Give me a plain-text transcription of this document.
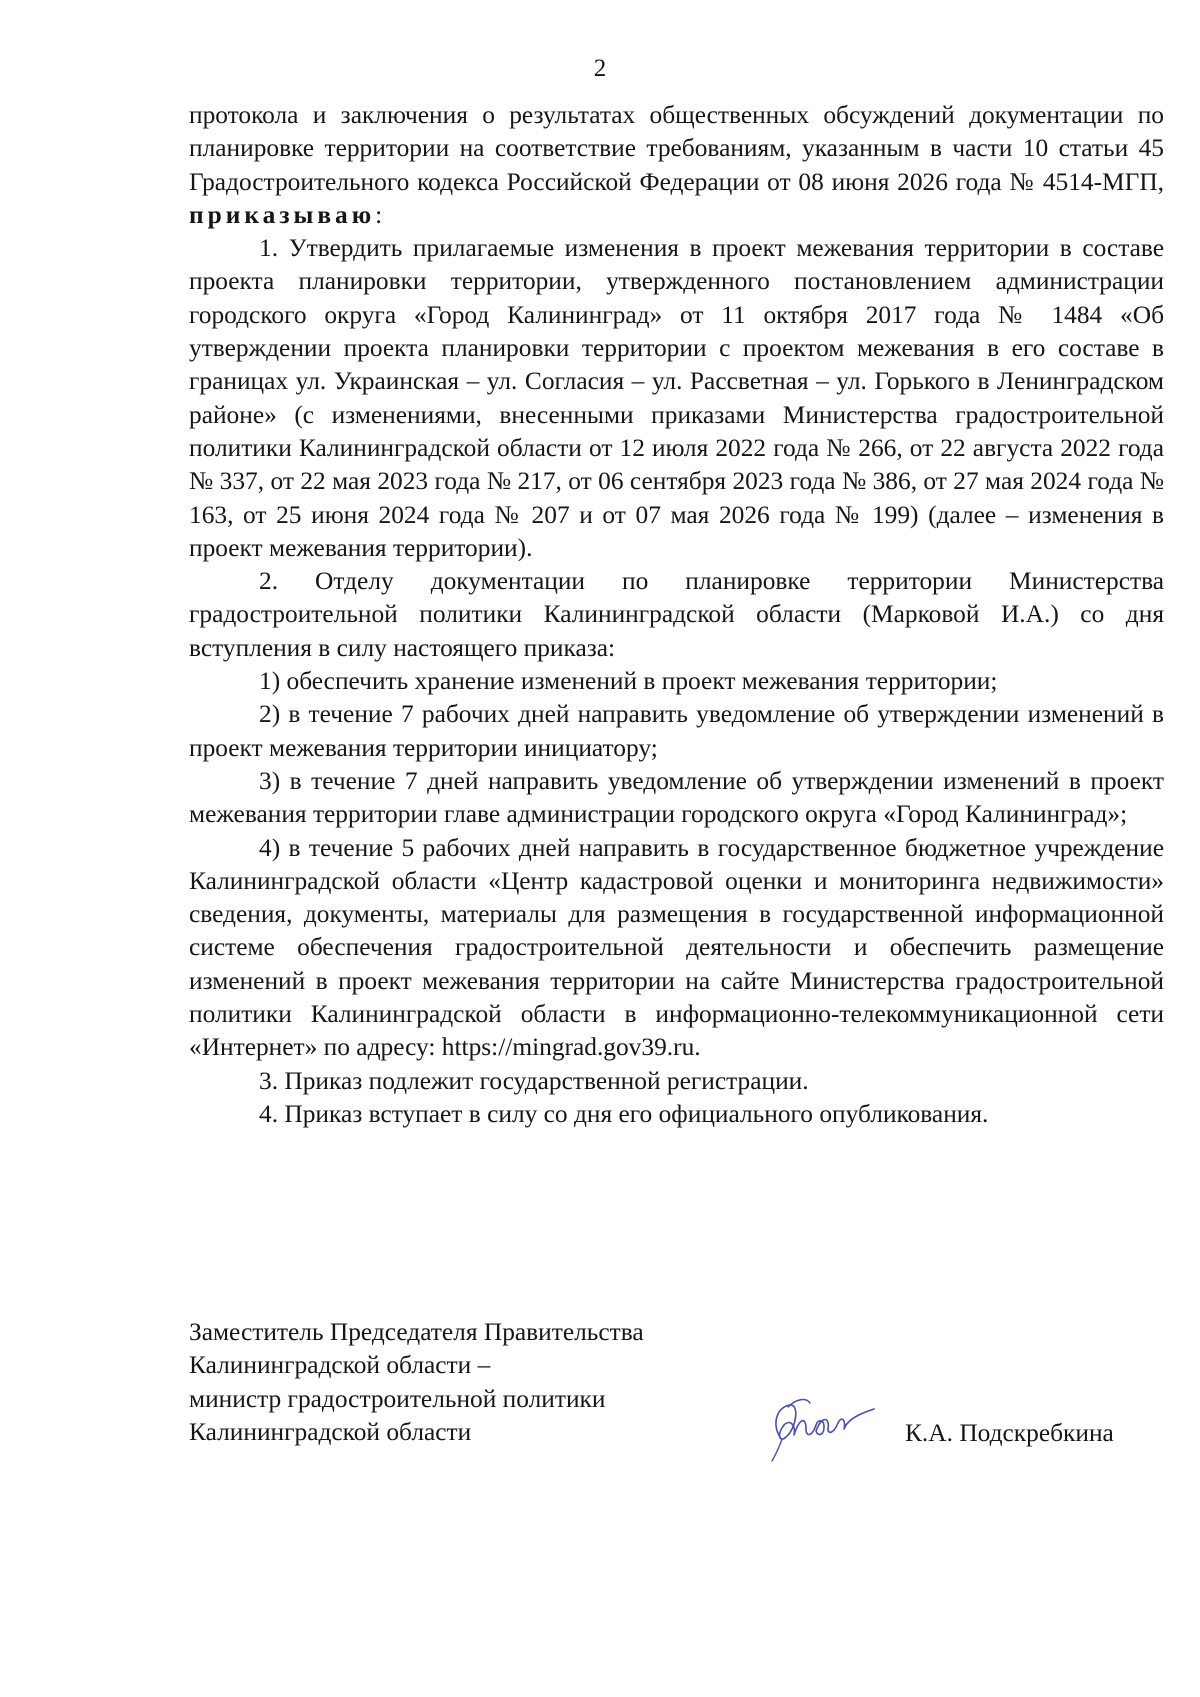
2

протокола и заключения о результатах общественных обсуждений документации по планировке территории на соответствие требованиям, указанным в части 10 статьи 45 Градостроительного кодекса Российской Федерации от 08 июня 2026 года № 4514-МГП, приказываю:

1. Утвердить прилагаемые изменения в проект межевания территории в составе проекта планировки территории, утвержденного постановлением администрации городского округа «Город Калининград» от 11 октября 2017 года № 1484 «Об утверждении проекта планировки территории с проектом межевания в его составе в границах ул. Украинская – ул. Согласия – ул. Рассветная – ул. Горького в Ленинградском районе» (с изменениями, внесенными приказами Министерства градостроительной политики Калининградской области от 12 июля 2022 года № 266, от 22 августа 2022 года № 337, от 22 мая 2023 года № 217, от 06 сентября 2023 года № 386, от 27 мая 2024 года № 163, от 25 июня 2024 года № 207 и от 07 мая 2026 года № 199) (далее – изменения в проект межевания территории).

2. Отделу документации по планировке территории Министерства градостроительной политики Калининградской области (Марковой И.А.) со дня вступления в силу настоящего приказа:

1) обеспечить хранение изменений в проект межевания территории;

2) в течение 7 рабочих дней направить уведомление об утверждении изменений в проект межевания территории инициатору;

3) в течение 7 дней направить уведомление об утверждении изменений в проект межевания территории главе администрации городского округа «Город Калининград»;

4) в течение 5 рабочих дней направить в государственное бюджетное учреждение Калининградской области «Центр кадастровой оценки и мониторинга недвижимости» сведения, документы, материалы для размещения в государственной информационной системе обеспечения градостроительной деятельности и обеспечить размещение изменений в проект межевания территории на сайте Министерства градостроительной политики Калининградской области в информационно-телекоммуникационной сети «Интернет» по адресу: https://mingrad.gov39.ru.

3. Приказ подлежит государственной регистрации.

4. Приказ вступает в силу со дня его официального опубликования.

Заместитель Председателя Правительства
Калининградской области –
министр градостроительной политики
Калининградской области	К.А. Подскребкина
